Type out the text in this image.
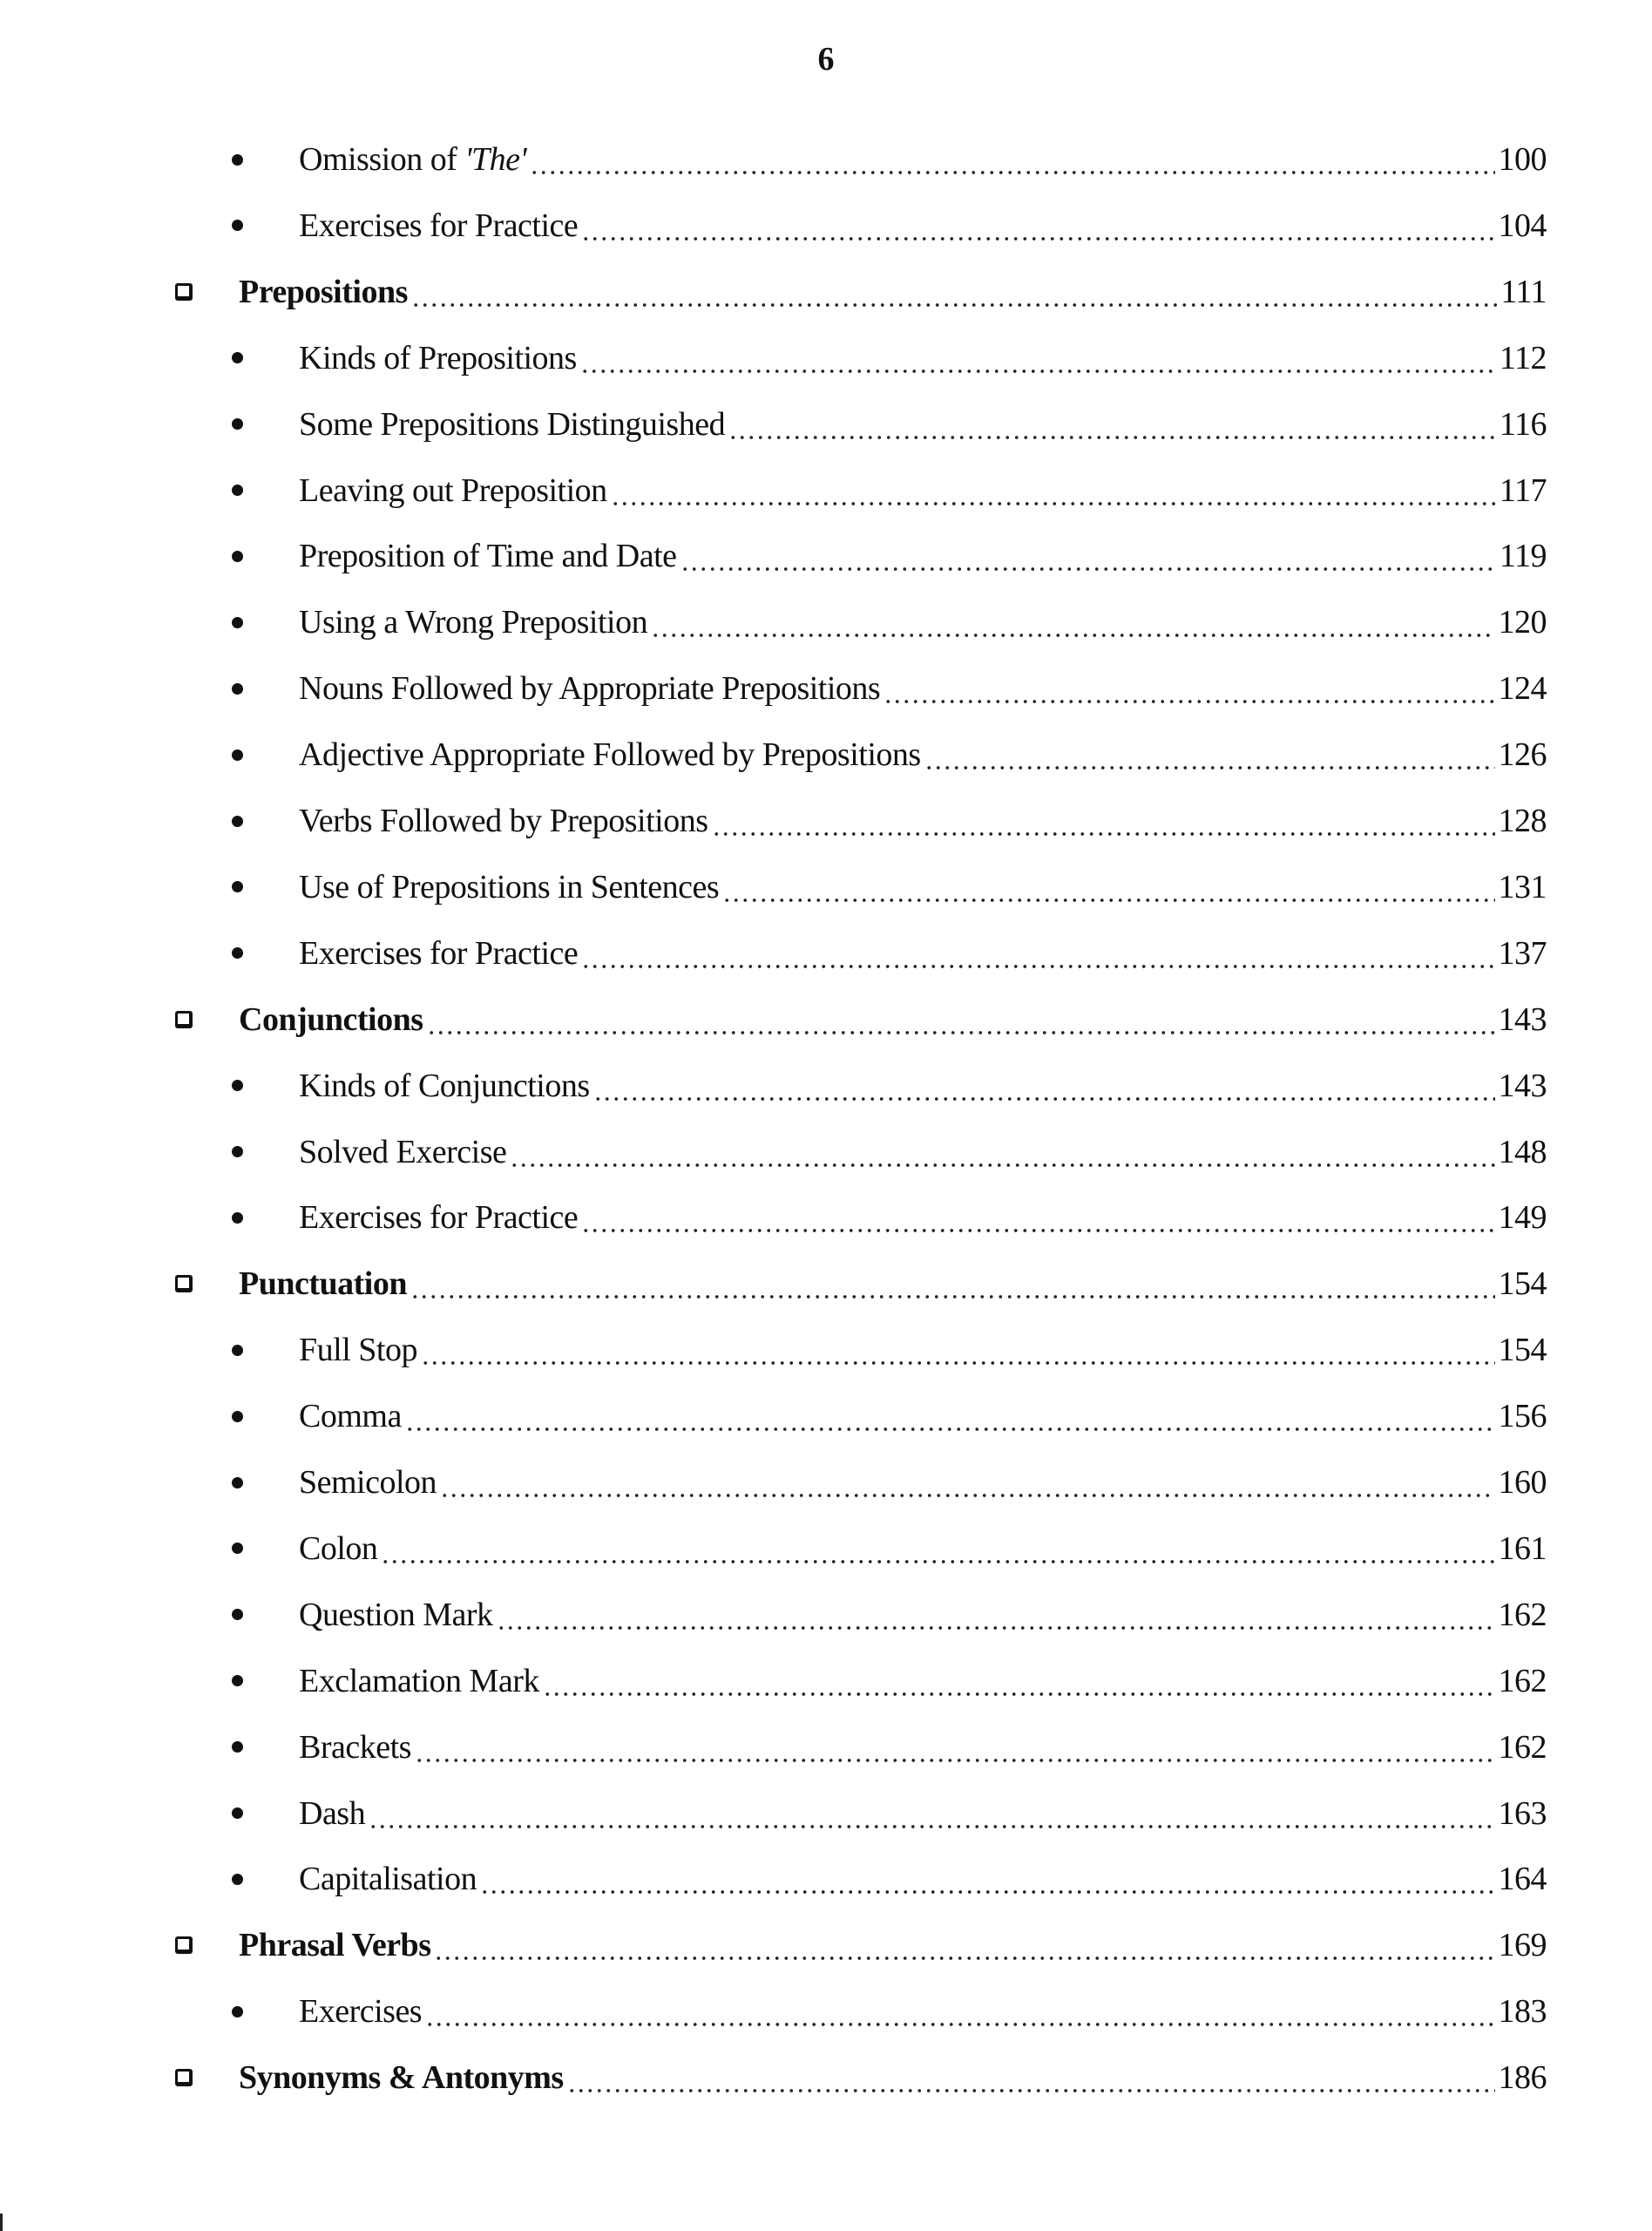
6
Omission of 'The'	100
Exercises for Practice	104
Prepositions	111
Kinds of Prepositions	112
Some Prepositions Distinguished	116
Leaving out Preposition	117
Preposition of Time and Date	119
Using a Wrong Preposition	120
Nouns Followed by Appropriate Prepositions	124
Adjective Appropriate Followed by Prepositions	126
Verbs Followed by Prepositions	128
Use of Prepositions in Sentences	131
Exercises for Practice	137
Conjunctions	143
Kinds of Conjunctions	143
Solved Exercise	148
Exercises for Practice	149
Punctuation	154
Full Stop	154
Comma	156
Semicolon	160
Colon	161
Question Mark	162
Exclamation Mark	162
Brackets	162
Dash	163
Capitalisation	164
Phrasal Verbs	169
Exercises	183
Synonyms & Antonyms	186
